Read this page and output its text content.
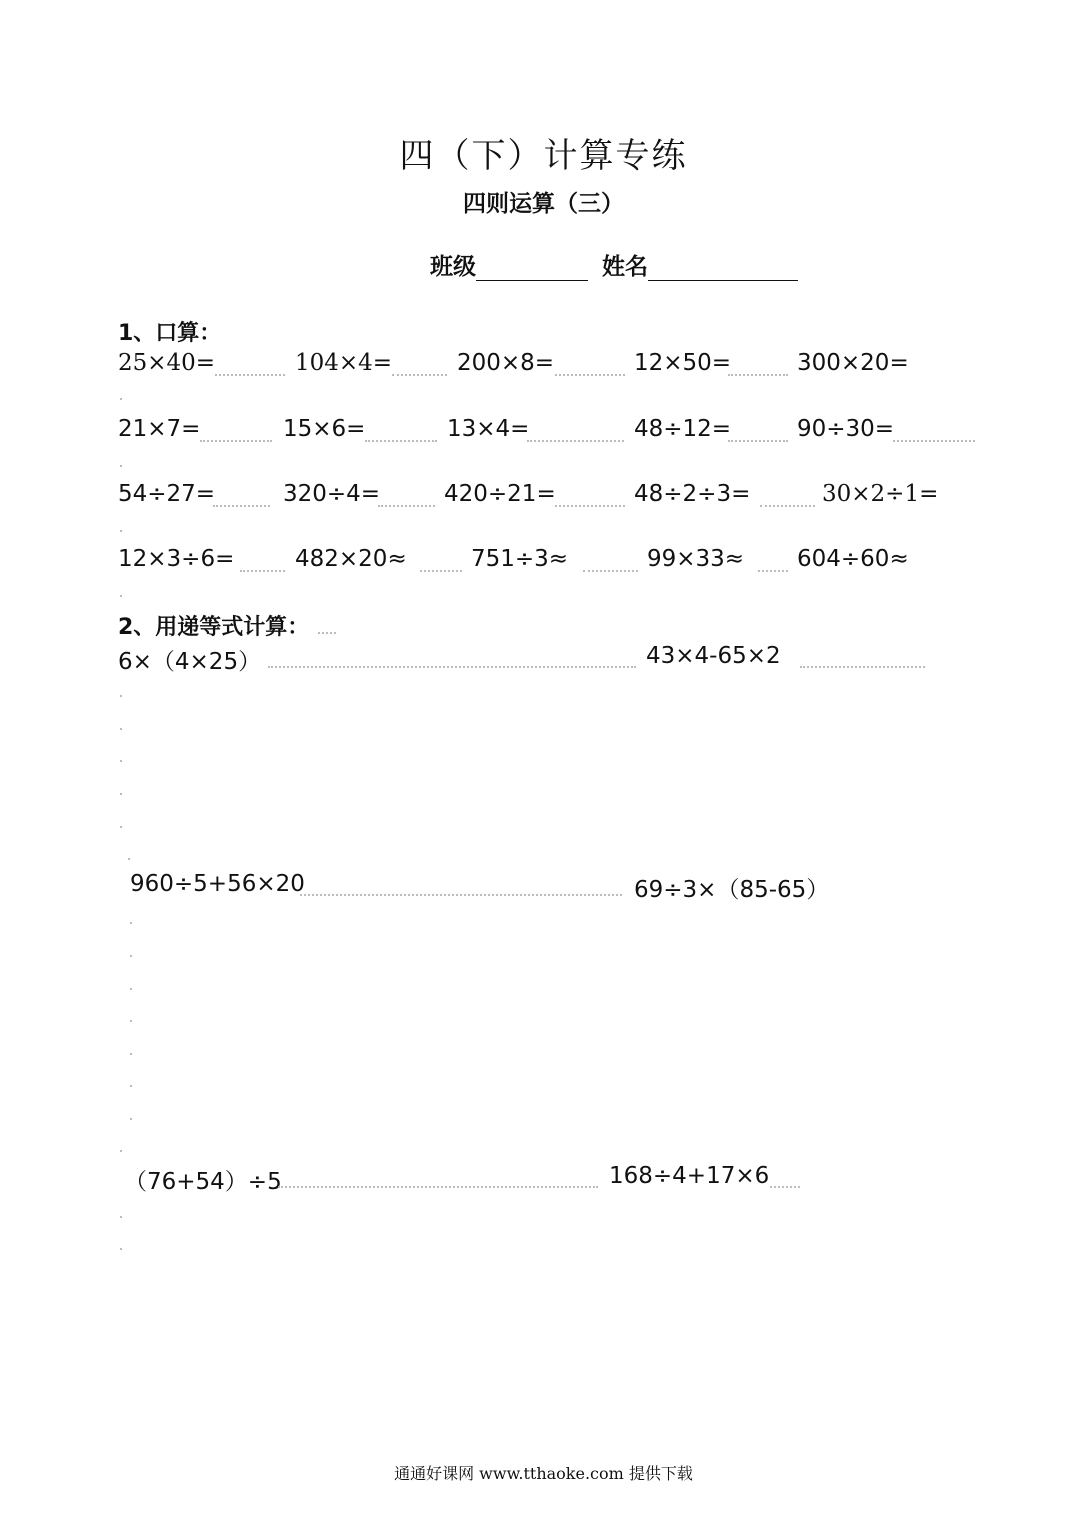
四（下）计算专练
四则运算（三）
班级	姓名
1、口算：
25×40=	104×4=	200×8=	12×50=	300×20=
21×7=	15×6=	13×4=	48÷12=	90÷30=
54÷27=	320÷4=	420÷21=	48÷2÷3=	30×2÷1=
12×3÷6=	482×20≈	751÷3≈	99×33≈ 604÷60≈
2、用递等式计算：
6×（4×25）	43×4-65×2
960÷5+56×20	69÷3×（85-65）
（76+54）÷5	168÷4+17×6
通通好课网 www.tthaoke.com 提供下载
